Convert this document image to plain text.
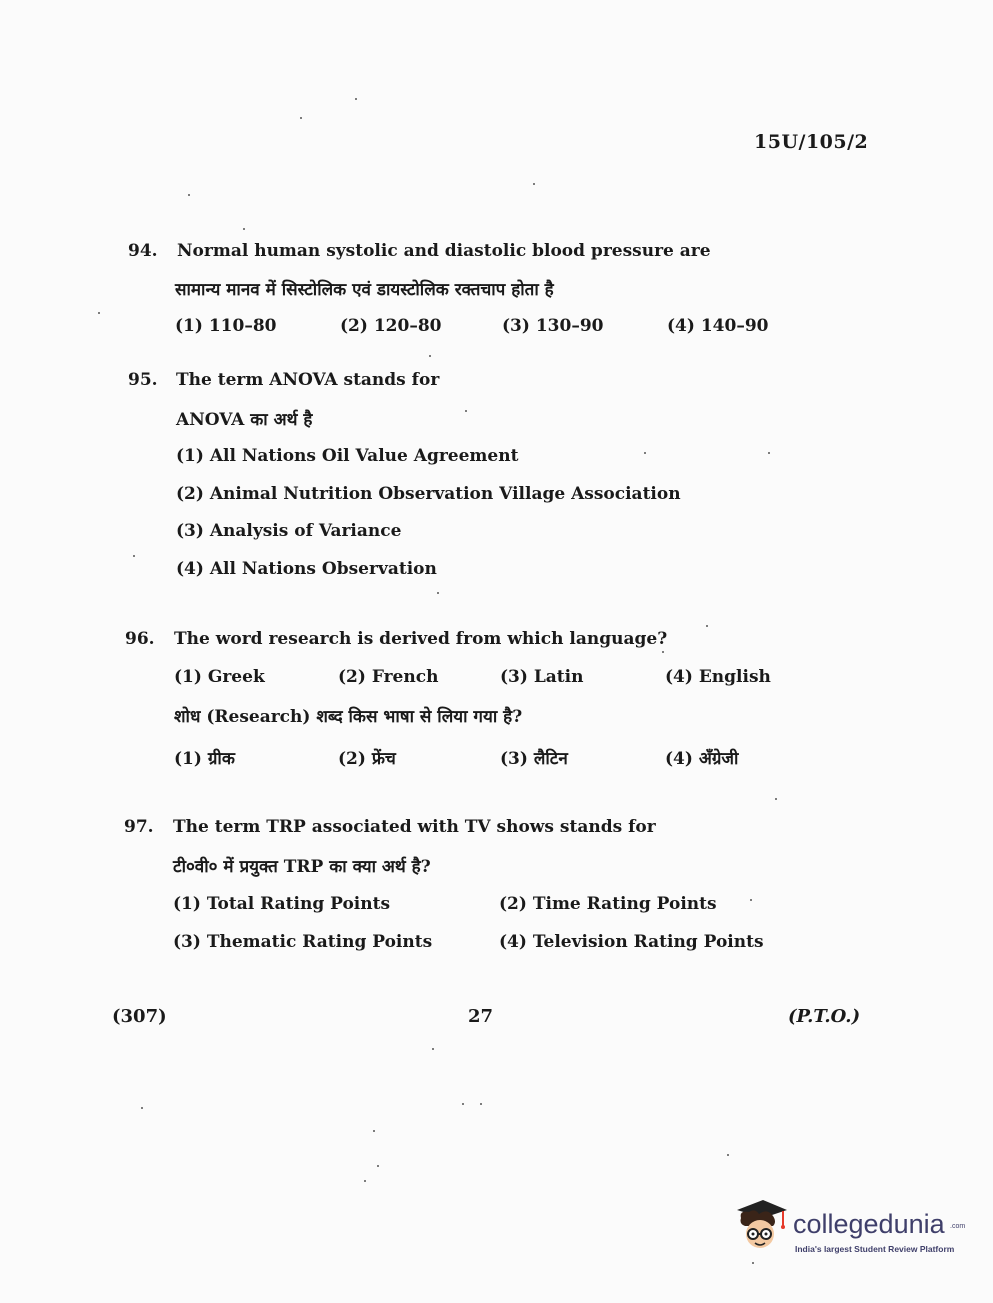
15U/105/2
94. Normal human systolic and diastolic blood pressure are
सामान्य मानव में सिस्टोलिक एवं डायस्टोलिक रक्तचाप होता है
(1) 110–80	(2) 120–80	(3) 130–90	(4) 140–90
95. The term ANOVA stands for
ANOVA का अर्थ है
(1) All Nations Oil Value Agreement
(2) Animal Nutrition Observation Village Association
(3) Analysis of Variance
(4) All Nations Observation
96. The word research is derived from which language?
(1) Greek	(2) French	(3) Latin	(4) English
शोध (Research) शब्द किस भाषा से लिया गया है?
(1) ग्रीक	(2) फ्रेंच	(3) लैटिन	(4) अँग्रेजी
97. The term TRP associated with TV shows stands for
टी०वी० में प्रयुक्त TRP का क्या अर्थ है?
(1) Total Rating Points	(2) Time Rating Points
(3) Thematic Rating Points	(4) Television Rating Points
(307)	27	(P.T.O.)
collegedunia .com
India's largest Student Review Platform
